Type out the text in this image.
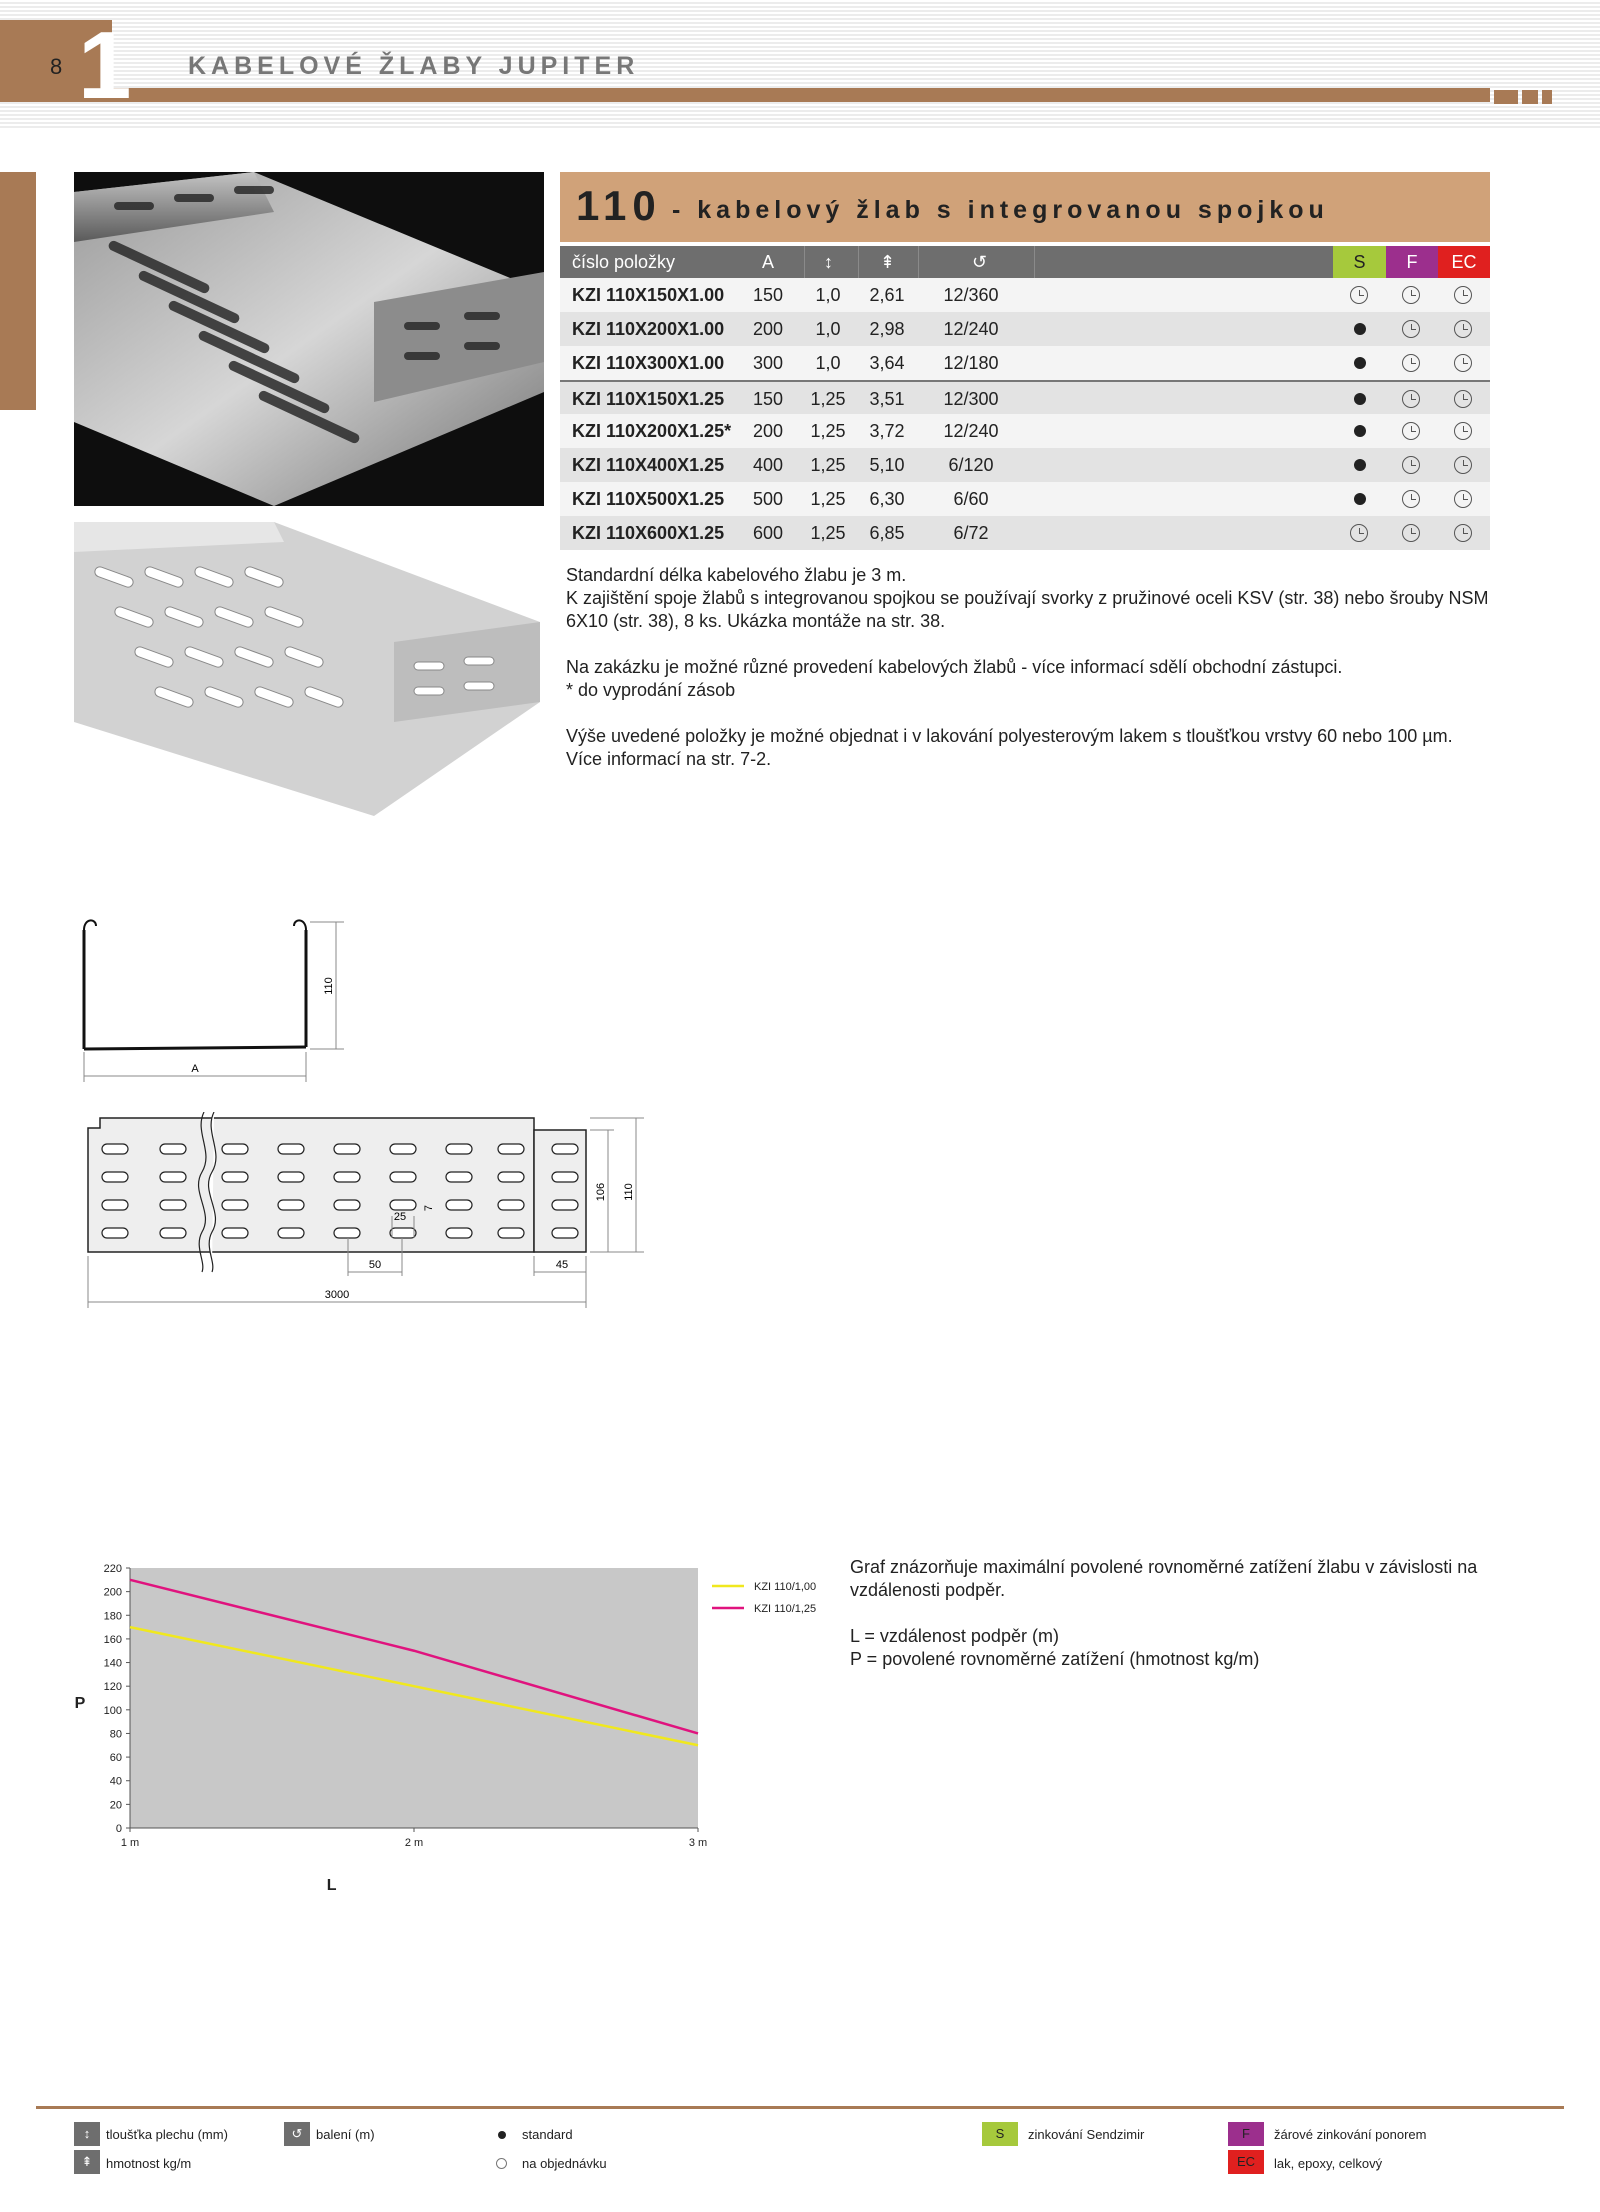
8 1 KABELOVÉ ŽLABY JUPITER
110 - kabelový žlab s integrovanou spojkou
číslo položky	A	↕	⇞	↺	S	F	EC
KZI 110X150X1.00 150	1,0	2,61	12/360
KZI 110X200X1.00 200	1,0	2,98	12/240
KZI 110X300X1.00 300	1,0	3,64	12/180
KZI 110X150X1.25 150 1,25	3,51	12/300
KZI 110X200X1.25* 200 1,25	3,72	12/240
KZI 110X400X1.25 400 1,25	5,10	6/120
KZI 110X500X1.25 500 1,25	6,30	6/60
KZI 110X600X1.25 600 1,25	6,85	6/72

Standardní délka kabelového žlabu je 3 m.

K zajištění spoje žlabů s integrovanou spojkou se používají svorky z pružinové oceli KSV (str. 38) nebo šrouby NSM 6X10 (str. 38), 8 ks. Ukázka montáže na str. 38.

Na zakázku je možné různé provedení kabelových žlabů - více informací sdělí obchodní zástupci.

* do vyprodání zásob

Výše uvedené položky je možné objednat i v lakování polyesterovým lakem s tloušťkou vrstvy 60 nebo 100 µm.

Více informací na str. 7-2.

110
A
106 110
25
7
50	45
3000
0
20
40
60
80
100
120
140
160
180
200
220
1 m	2 m	3 m
L
P
KZI 110/1,00
KZI 110/1,25

Graf znázorňuje maximální povolené rovnoměrné zatížení žlabu v závislosti na vzdálenosti podpěr.

L = vzdálenost podpěr (m)

P = povolené rovnoměrné zatížení (hmotnost kg/m)

↕	tloušťka plechu (mm)	↺	balení (m)	standard
na objednávku
S	zinkování Sendzimir	F	žárové zinkování ponorem
⇞	hmotnost kg/m	EC	lak, epoxy, celkový
